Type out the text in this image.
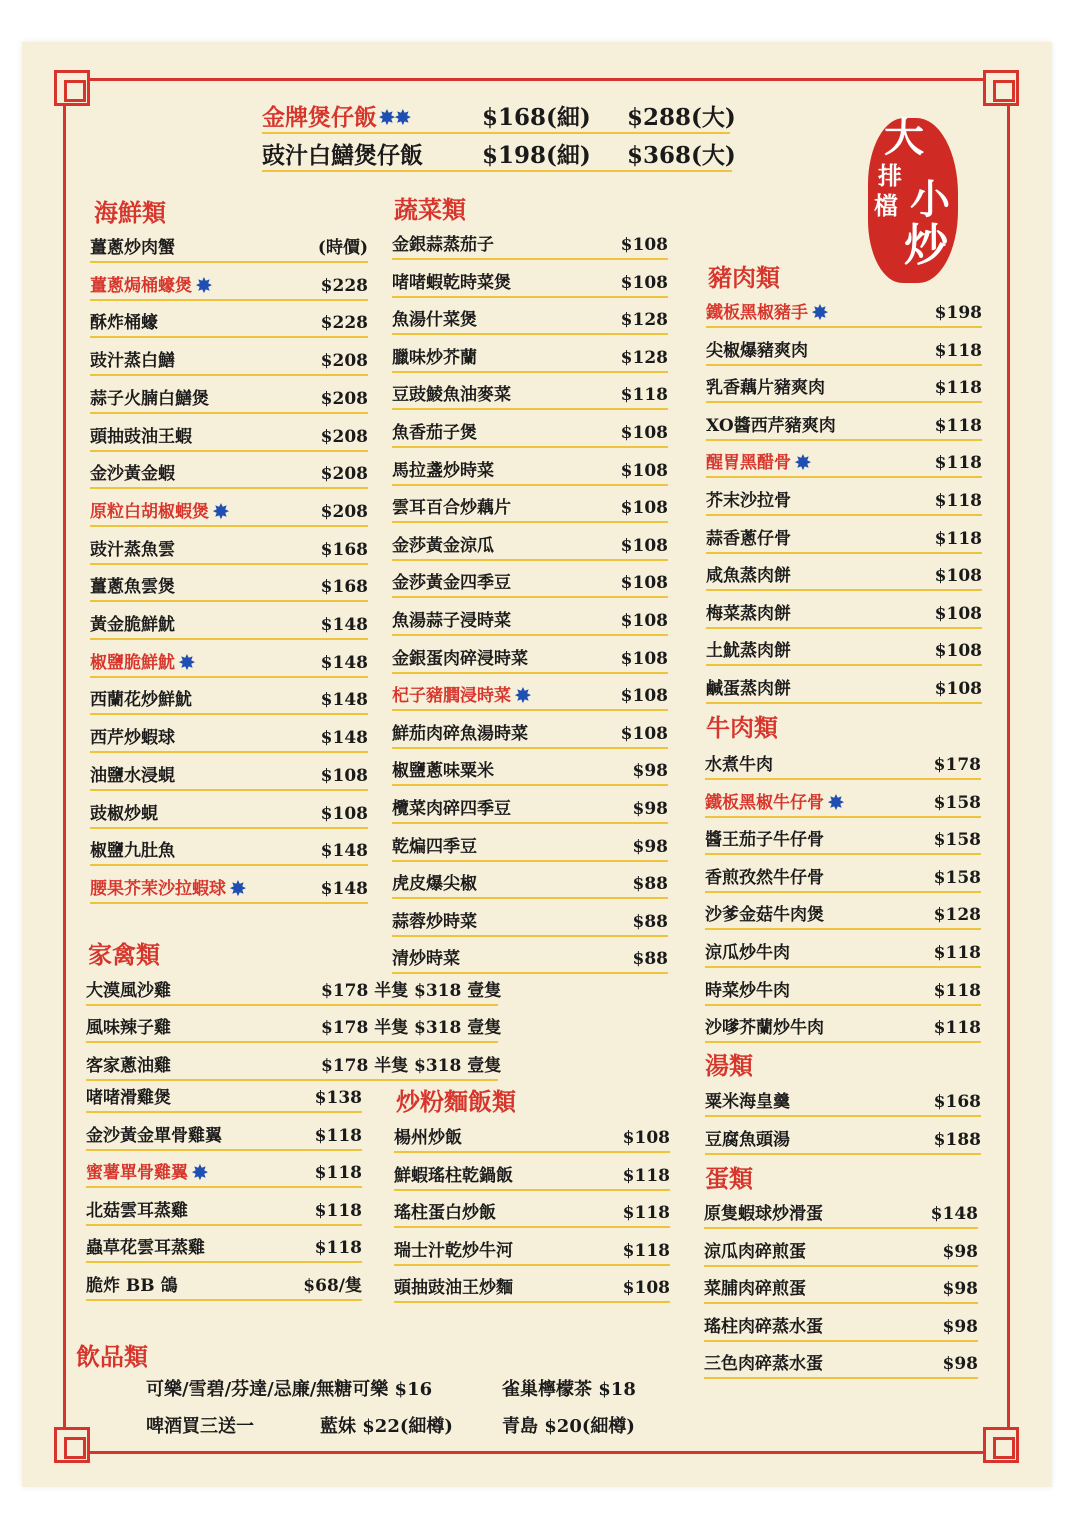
金牌煲仔飯 ✸✸	$168(細) $288(大)
豉汁白鱔煲仔飯	$198(細) $368(大)	大
排
檔 小
炒
海鮮類	蔬菜類
豬肉類
牛肉類
湯類
蛋類
家禽類
炒粉麵飯類
飲品類
薑蔥炒肉蟹	(時價)
薑蔥焗桶蠔煲 ✸	$228
酥炸桶蠔	$228
豉汁蒸白鱔	$208
蒜子火腩白鱔煲	$208
頭抽豉油王蝦	$208
金沙黃金蝦	$208
原粒白胡椒蝦煲 ✸	$208
豉汁蒸魚雲	$168
薑蔥魚雲煲	$168
黃金脆鮮魷	$148
椒鹽脆鮮魷 ✸	$148
西蘭花炒鮮魷	$148
西芹炒蝦球	$148
油鹽水浸蜆	$108
豉椒炒蜆	$108
椒鹽九肚魚	$148
腰果芥茉沙拉蝦球 ✸	$148
金銀蒜蒸茄子	$108
啫啫蝦乾時菜煲	$108
魚湯什菜煲	$128
臘味炒芥蘭	$128
豆豉鯪魚油麥菜	$118
魚香茄子煲	$108
馬拉盞炒時菜	$108
雲耳百合炒藕片	$108
金莎黃金涼瓜	$108
金莎黃金四季豆	$108
魚湯蒜子浸時菜	$108
金銀蛋肉碎浸時菜	$108
杞子豬膶浸時菜 ✸	$108
鮮茄肉碎魚湯時菜	$108
椒鹽蔥味粟米	$98
欖菜肉碎四季豆	$98
乾煸四季豆	$98
虎皮爆尖椒	$88
蒜蓉炒時菜	$88
清炒時菜	$88
鐵板黑椒豬手 ✸	$198
尖椒爆豬爽肉	$118
乳香藕片豬爽肉	$118
XO醬西芹豬爽肉	$118
醒胃黑醋骨 ✸	$118
芥末沙拉骨	$118
蒜香蔥仔骨	$118
咸魚蒸肉餅	$108
梅菜蒸肉餅	$108
土魷蒸肉餅	$108
鹹蛋蒸肉餅	$108
水煮牛肉	$178
鐵板黑椒牛仔骨 ✸	$158
醬王茄子牛仔骨	$158
香煎孜然牛仔骨	$158
沙爹金菇牛肉煲	$128
涼瓜炒牛肉	$118
時菜炒牛肉	$118
沙嗲芥蘭炒牛肉	$118
粟米海皇羹	$168
豆腐魚頭湯	$188
原隻蝦球炒滑蛋	$148
涼瓜肉碎煎蛋	$98
菜脯肉碎煎蛋	$98
瑤柱肉碎蒸水蛋	$98
三色肉碎蒸水蛋	$98
啫啫滑雞煲	$138
金沙黃金單骨雞翼	$118
蜜薯單骨雞翼 ✸	$118
北菇雲耳蒸雞	$118
蟲草花雲耳蒸雞	$118
脆炸 BB 鴿	$68/隻
楊州炒飯	$108
鮮蝦瑤柱乾鍋飯	$118
瑤柱蛋白炒飯	$118
瑞士汁乾炒牛河	$118
頭抽豉油王炒麵	$108
大漠風沙雞	$178 半隻 $318 壹隻
風味辣子雞	$178 半隻 $318 壹隻
客家蔥油雞	$178 半隻 $318 壹隻
可樂/雪碧/芬達/忌廉/無糖可樂 $16	雀巢檸檬茶 $18
啤酒買三送一	藍妹 $22(細樽)	青島 $20(細樽)
